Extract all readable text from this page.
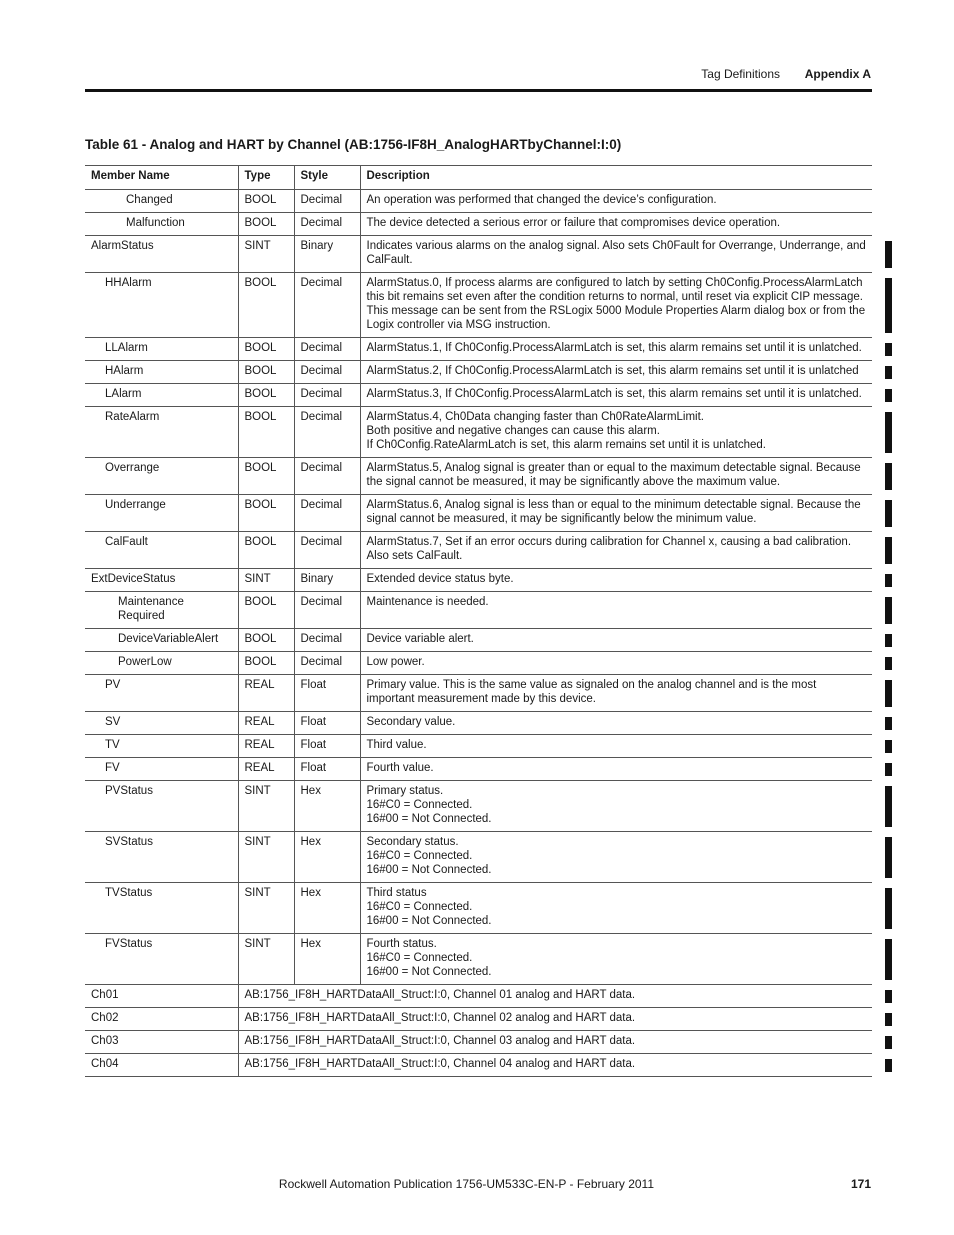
Tag Definitions Appendix A
Table 61 - Analog and HART by Channel (AB:1756-IF8H_AnalogHARTbyChannel:I:0)
Member Name	Type	Style	Description
Changed	BOOL	Decimal	An operation was performed that changed the device’s configuration.

Malfunction	BOOL	Decimal	The device detected a serious error or failure that compromises device operation.

AlarmStatus	SINT	Binary	Indicates various alarms on the analog signal. Also sets Ch0Fault for Overrange, Underrange, and CalFault.

HHAlarm	BOOL	Decimal	AlarmStatus.0, If process alarms are configured to latch by setting Ch0Config.ProcessAlarmLatch this bit remains set even after the condition returns to normal, until reset via explicit CIP message. This message can be sent from the RSLogix 5000 Module Properties Alarm dialog box or from the Logix controller via MSG instruction.

LLAlarm	BOOL	Decimal	AlarmStatus.1, If Ch0Config.ProcessAlarmLatch is set, this alarm remains set until it is unlatched.

HAlarm	BOOL	Decimal	AlarmStatus.2, If Ch0Config.ProcessAlarmLatch is set, this alarm remains set until it is unlatched

LAlarm	BOOL	Decimal	AlarmStatus.3, If Ch0Config.ProcessAlarmLatch is set, this alarm remains set until it is unlatched.

RateAlarm	BOOL	Decimal	AlarmStatus.4, Ch0Data changing faster than Ch0RateAlarmLimit.
Both positive and negative changes can cause this alarm.
If Ch0Config.RateAlarmLatch is set, this alarm remains set until it is unlatched.

Overrange	BOOL	Decimal	AlarmStatus.5, Analog signal is greater than or equal to the maximum detectable signal. Because the signal cannot be measured, it may be significantly above the maximum value.

Underrange	BOOL	Decimal	AlarmStatus.6, Analog signal is less than or equal to the minimum detectable signal. Because the signal cannot be measured, it may be significantly below the minimum value.

CalFault	BOOL	Decimal	AlarmStatus.7, Set if an error occurs during calibration for Channel x, causing a bad calibration. Also sets CalFault.

ExtDeviceStatus	SINT	Binary	Extended device status byte.

Maintenance Required	BOOL	Decimal	Maintenance is needed.

DeviceVariableAlert	BOOL	Decimal	Device variable alert.

PowerLow	BOOL	Decimal	Low power.

PV	REAL	Float	Primary value. This is the same value as signaled on the analog channel and is the most important measurement made by this device.

SV	REAL	Float	Secondary value.

TV	REAL	Float	Third value.

FV	REAL	Float	Fourth value.

PVStatus	SINT	Hex	Primary status.
16#C0 = Connected.
16#00 = Not Connected.

SVStatus	SINT	Hex	Secondary status.
16#C0 = Connected.
16#00 = Not Connected.

TVStatus	SINT	Hex	Third status
16#C0 = Connected.
16#00 = Not Connected.

FVStatus	SINT	Hex	Fourth status.
16#C0 = Connected.
16#00 = Not Connected.

Ch01	AB:1756_IF8H_HARTDataAll_Struct:I:0, Channel 01 analog and HART data.		
Ch02	AB:1756_IF8H_HARTDataAll_Struct:I:0, Channel 02 analog and HART data.		
Ch03	AB:1756_IF8H_HARTDataAll_Struct:I:0, Channel 03 analog and HART data.		
Ch04	AB:1756_IF8H_HARTDataAll_Struct:I:0, Channel 04 analog and HART data.		
Rockwell Automation Publication 1756-UM533C-EN-P - February 2011	171
